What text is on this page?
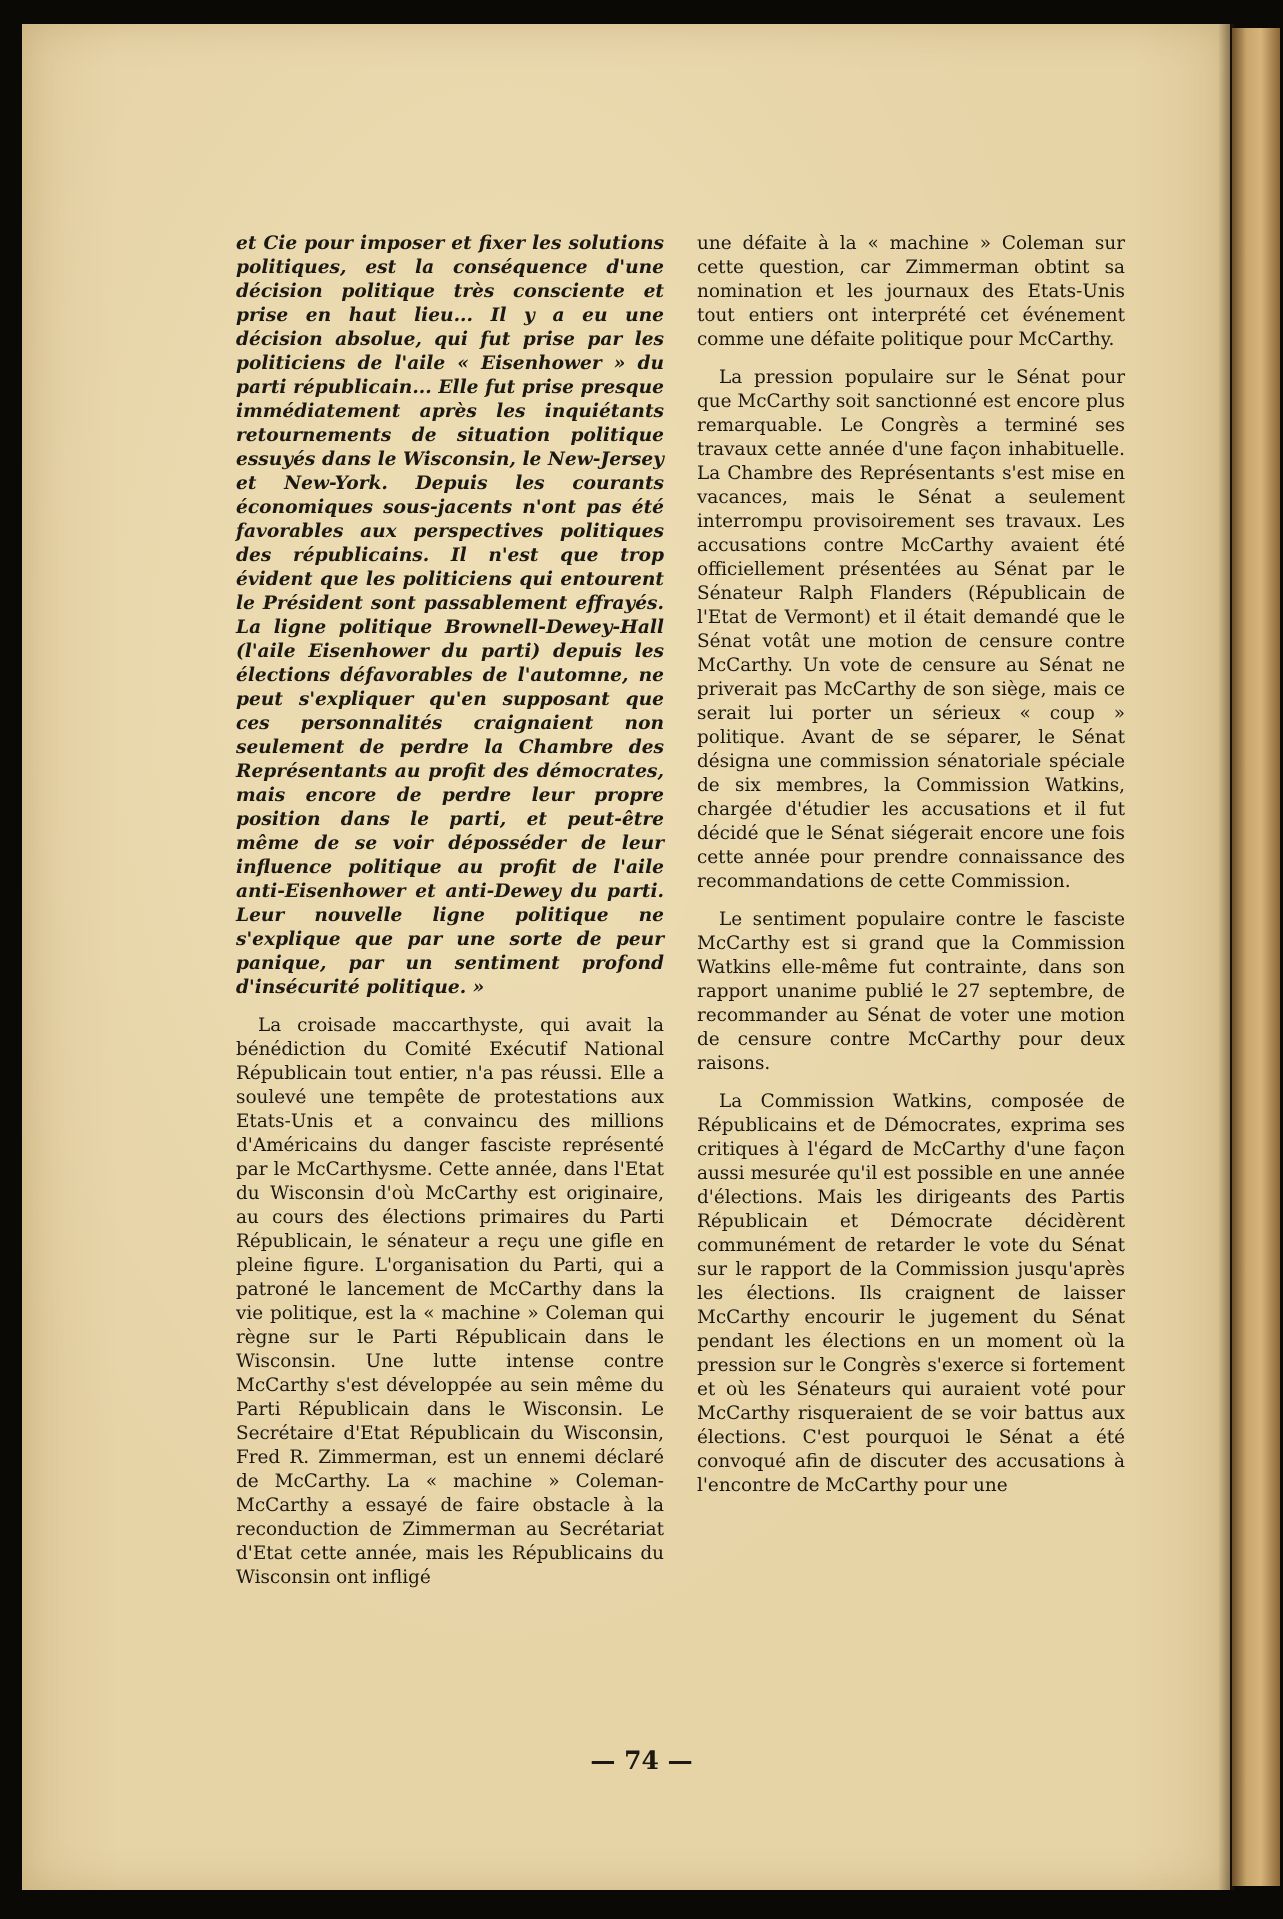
et Cie pour imposer et fixer les solutions politiques, est la conséquence d'une décision politique très consciente et prise en haut lieu... Il y a eu une décision absolue, qui fut prise par les politiciens de l'aile « Eisenhower » du parti républicain... Elle fut prise presque immédiatement après les inquiétants retournements de situation politique essuyés dans le Wisconsin, le New-Jersey et New-York. Depuis les courants économiques sous-jacents n'ont pas été favorables aux perspectives politiques des républicains. Il n'est que trop évident que les politiciens qui entourent le Président sont passablement effrayés. La ligne politique Brownell-Dewey-Hall (l'aile Eisenhower du parti) depuis les élections défavorables de l'automne, ne peut s'expliquer qu'en supposant que ces personnalités craignaient non seulement de perdre la Chambre des Représentants au profit des démocrates, mais encore de perdre leur propre position dans le parti, et peut-être même de se voir déposséder de leur influence politique au profit de l'aile anti-Eisenhower et anti-Dewey du parti. Leur nouvelle ligne politique ne s'explique que par une sorte de peur panique, par un sentiment profond d'insécurité politique. »

La croisade maccarthyste, qui avait la bénédiction du Comité Exécutif National Républicain tout entier, n'a pas réussi. Elle a soulevé une tempête de protestations aux Etats-Unis et a convaincu des millions d'Américains du danger fasciste représenté par le McCarthysme. Cette année, dans l'Etat du Wisconsin d'où McCarthy est originaire, au cours des élections primaires du Parti Républicain, le sénateur a reçu une gifle en pleine figure. L'organisation du Parti, qui a patroné le lancement de McCarthy dans la vie politique, est la « machine » Coleman qui règne sur le Parti Républicain dans le Wisconsin. Une lutte intense contre McCarthy s'est développée au sein même du Parti Républicain dans le Wisconsin. Le Secrétaire d'Etat Républicain du Wisconsin, Fred R. Zimmerman, est un ennemi déclaré de McCarthy. La « machine » Coleman-McCarthy a essayé de faire obstacle à la reconduction de Zimmerman au Secrétariat d'Etat cette année, mais les Républicains du Wisconsin ont infligé

une défaite à la « machine » Coleman sur cette question, car Zimmerman obtint sa nomination et les journaux des Etats-Unis tout entiers ont interprété cet événement comme une défaite politique pour McCarthy.

La pression populaire sur le Sénat pour que McCarthy soit sanctionné est encore plus remarquable. Le Congrès a terminé ses travaux cette année d'une façon inhabituelle. La Chambre des Représentants s'est mise en vacances, mais le Sénat a seulement interrompu provisoirement ses travaux. Les accusations contre McCarthy avaient été officiellement présentées au Sénat par le Sénateur Ralph Flanders (Républicain de l'Etat de Vermont) et il était demandé que le Sénat votât une motion de censure contre McCarthy. Un vote de censure au Sénat ne priverait pas McCarthy de son siège, mais ce serait lui porter un sérieux « coup » politique. Avant de se séparer, le Sénat désigna une commission sénatoriale spéciale de six membres, la Commission Watkins, chargée d'étudier les accusations et il fut décidé que le Sénat siégerait encore une fois cette année pour prendre connaissance des recommandations de cette Commission.

Le sentiment populaire contre le fasciste McCarthy est si grand que la Commission Watkins elle-même fut contrainte, dans son rapport unanime publié le 27 septembre, de recommander au Sénat de voter une motion de censure contre McCarthy pour deux raisons.

La Commission Watkins, composée de Républicains et de Démocrates, exprima ses critiques à l'égard de McCarthy d'une façon aussi mesurée qu'il est possible en une année d'élections. Mais les dirigeants des Partis Républicain et Démocrate décidèrent communément de retarder le vote du Sénat sur le rapport de la Commission jusqu'après les élections. Ils craignent de laisser McCarthy encourir le jugement du Sénat pendant les élections en un moment où la pression sur le Congrès s'exerce si fortement et où les Sénateurs qui auraient voté pour McCarthy risqueraient de se voir battus aux élections. C'est pourquoi le Sénat a été convoqué afin de discuter des accusations à l'encontre de McCarthy pour une

— 74 —
